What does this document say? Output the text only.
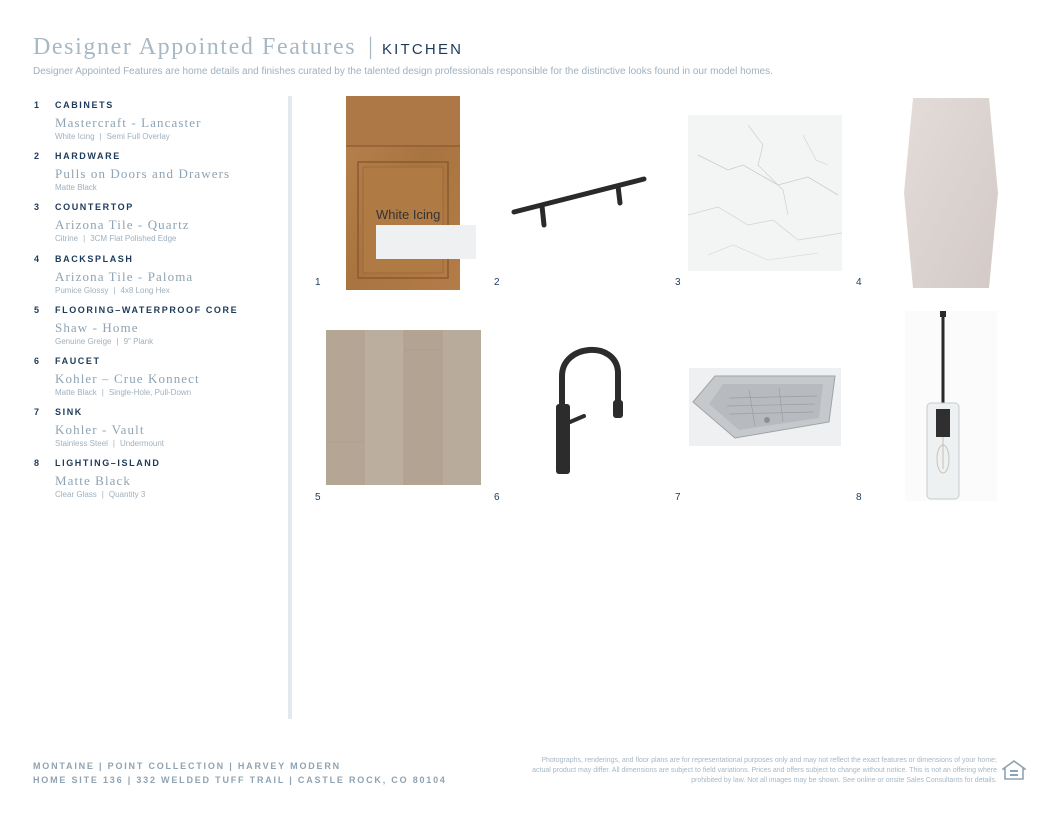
Designer Appointed Features | KITCHEN
Designer Appointed Features are home details and finishes curated by the talented design professionals responsible for the distinctive looks found in our model homes.
1	CABINETS
Mastercraft - Lancaster
White Icing | Semi Full Overlay
2	HARDWARE
Pulls on Doors and Drawers
Matte Black
3	COUNTERTOP
Arizona Tile - Quartz
Citrine | 3CM Flat Polished Edge
4	BACKSPLASH
Arizona Tile - Paloma
Pumice Glossy | 4x8 Long Hex
5	FLOORING–WATERPROOF CORE
Shaw - Home
Genuine Greige | 9" Plank
6	FAUCET
Kohler – Crue Konnect
Matte Black | Single-Hole, Pull-Down
7	SINK
Kohler - Vault
Stainless Steel | Undermount
8	LIGHTING–ISLAND
Matte Black
Clear Glass | Quantity 3
White Icing
1	2	3	4
5	6	7	8
MONTAINE | POINT COLLECTION | HARVEY MODERN
HOME SITE 136 | 332 WELDED TUFF TRAIL | CASTLE ROCK, CO 80104
Photographs, renderings, and floor plans are for representational purposes only and may not reflect the exact features or dimensions of your home; actual product may differ. All dimensions are subject to field variations. Prices and offers subject to change without notice. This is not an offering where prohibited by law. Not all images may be shown. See online or onsite Sales Consultants for details.
